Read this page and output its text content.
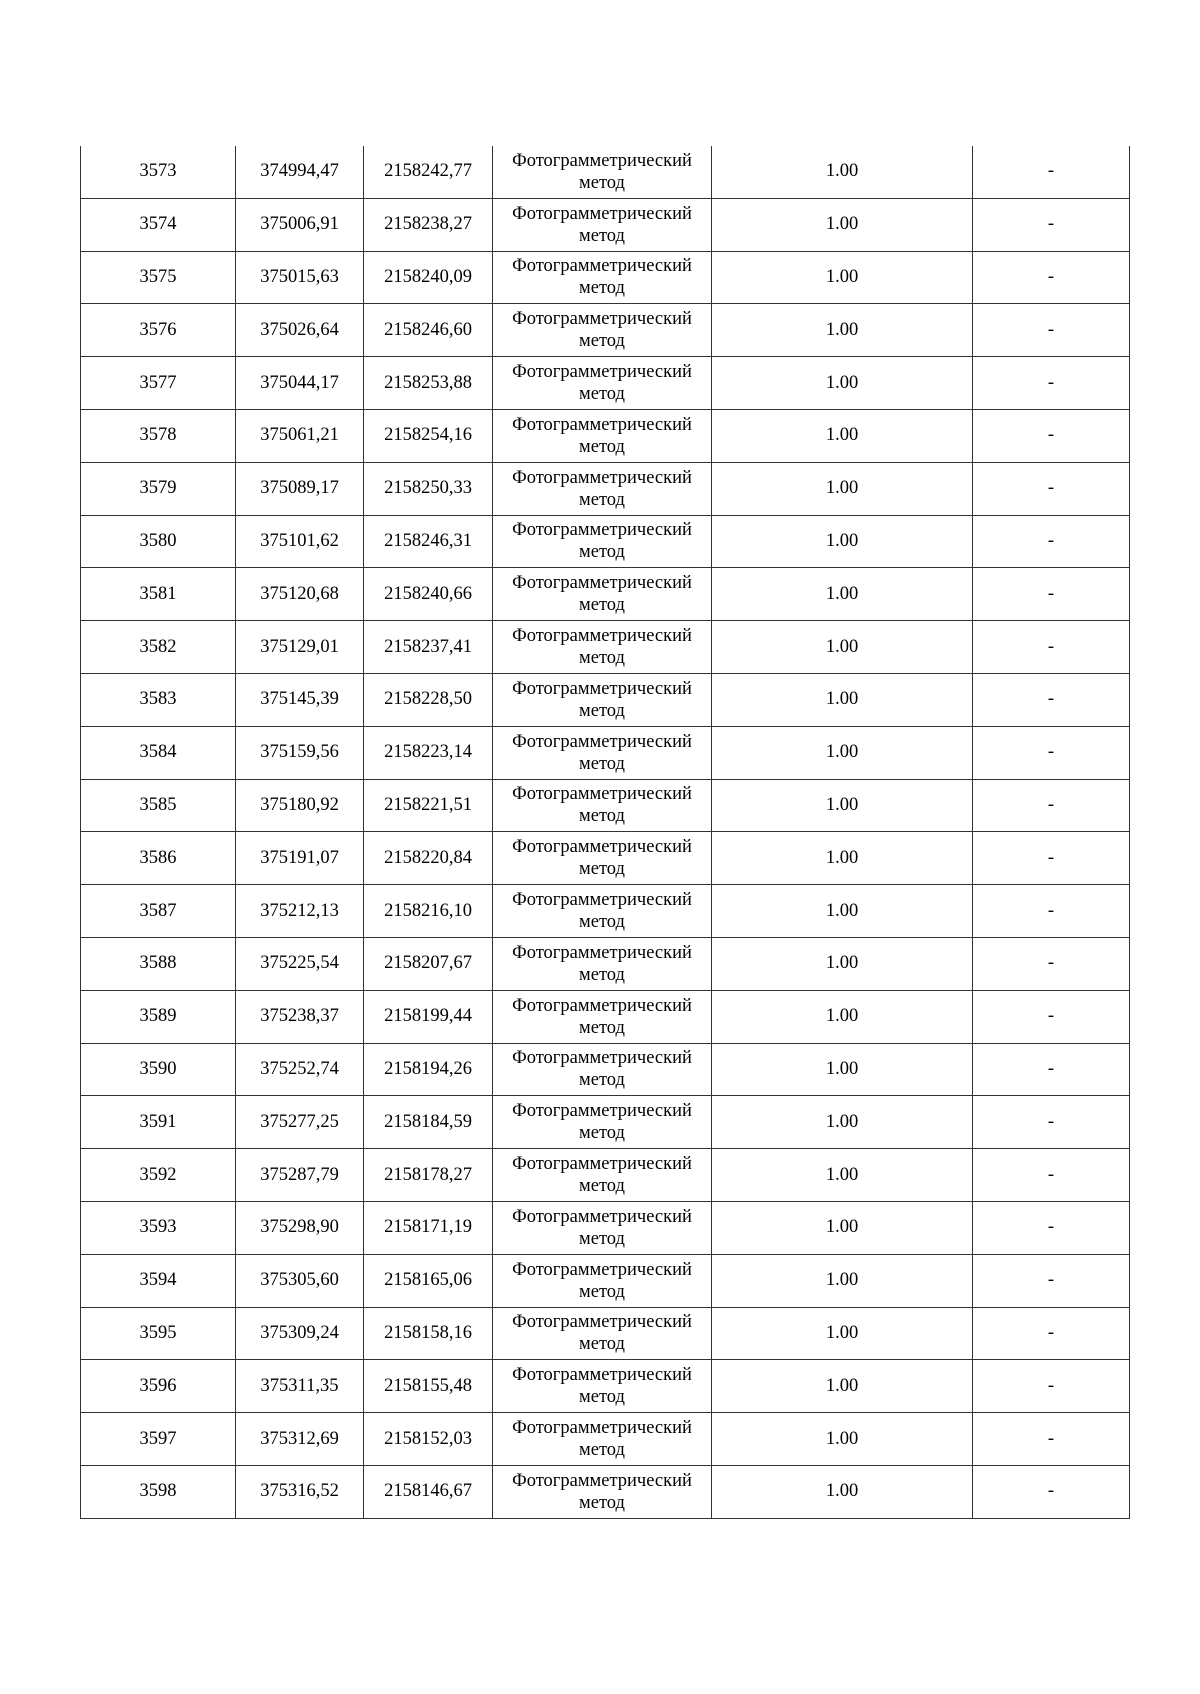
3573	374994,47	2158242,77	Фотограмметрический метод	1.00	-
3574	375006,91	2158238,27	Фотограмметрический метод	1.00	-
3575	375015,63	2158240,09	Фотограмметрический метод	1.00	-
3576	375026,64	2158246,60	Фотограмметрический метод	1.00	-
3577	375044,17	2158253,88	Фотограмметрический метод	1.00	-
3578	375061,21	2158254,16	Фотограмметрический метод	1.00	-
3579	375089,17	2158250,33	Фотограмметрический метод	1.00	-
3580	375101,62	2158246,31	Фотограмметрический метод	1.00	-
3581	375120,68	2158240,66	Фотограмметрический метод	1.00	-
3582	375129,01	2158237,41	Фотограмметрический метод	1.00	-
3583	375145,39	2158228,50	Фотограмметрический метод	1.00	-
3584	375159,56	2158223,14	Фотограмметрический метод	1.00	-
3585	375180,92	2158221,51	Фотограмметрический метод	1.00	-
3586	375191,07	2158220,84	Фотограмметрический метод	1.00	-
3587	375212,13	2158216,10	Фотограмметрический метод	1.00	-
3588	375225,54	2158207,67	Фотограмметрический метод	1.00	-
3589	375238,37	2158199,44	Фотограмметрический метод	1.00	-
3590	375252,74	2158194,26	Фотограмметрический метод	1.00	-
3591	375277,25	2158184,59	Фотограмметрический метод	1.00	-
3592	375287,79	2158178,27	Фотограмметрический метод	1.00	-
3593	375298,90	2158171,19	Фотограмметрический метод	1.00	-
3594	375305,60	2158165,06	Фотограмметрический метод	1.00	-
3595	375309,24	2158158,16	Фотограмметрический метод	1.00	-
3596	375311,35	2158155,48	Фотограмметрический метод	1.00	-
3597	375312,69	2158152,03	Фотограмметрический метод	1.00	-
3598	375316,52	2158146,67	Фотограмметрический метод	1.00	-
